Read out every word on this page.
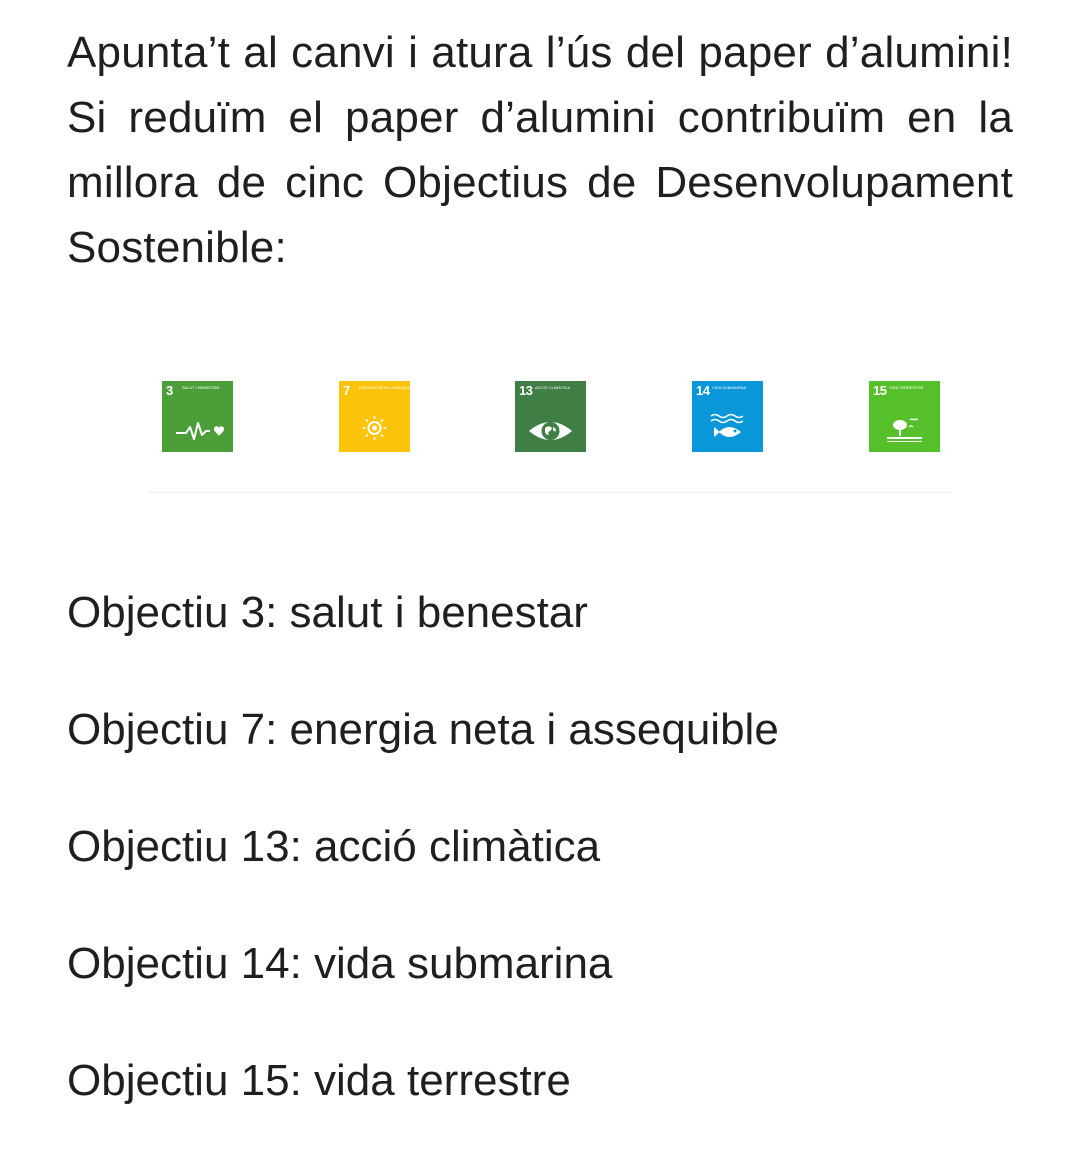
Apunta’t al canvi i atura l’ús del paper d’alumini! Si reduïm el paper d’alumini contribuïm en la millora de cinc Objectius de Desenvolupament Sostenible:

3 SALUT I BENESTAR	7 ENERGIA NETA I ASSEQUIBLE	13 ACCIÓ CLIMÀTICA	14 VIDA SUBMARINA	15 VIDA TERRESTRE
Objectiu 3: salut i benestar
Objectiu 7: energia neta i assequible
Objectiu 13: acció climàtica
Objectiu 14: vida submarina
Objectiu 15: vida terrestre
